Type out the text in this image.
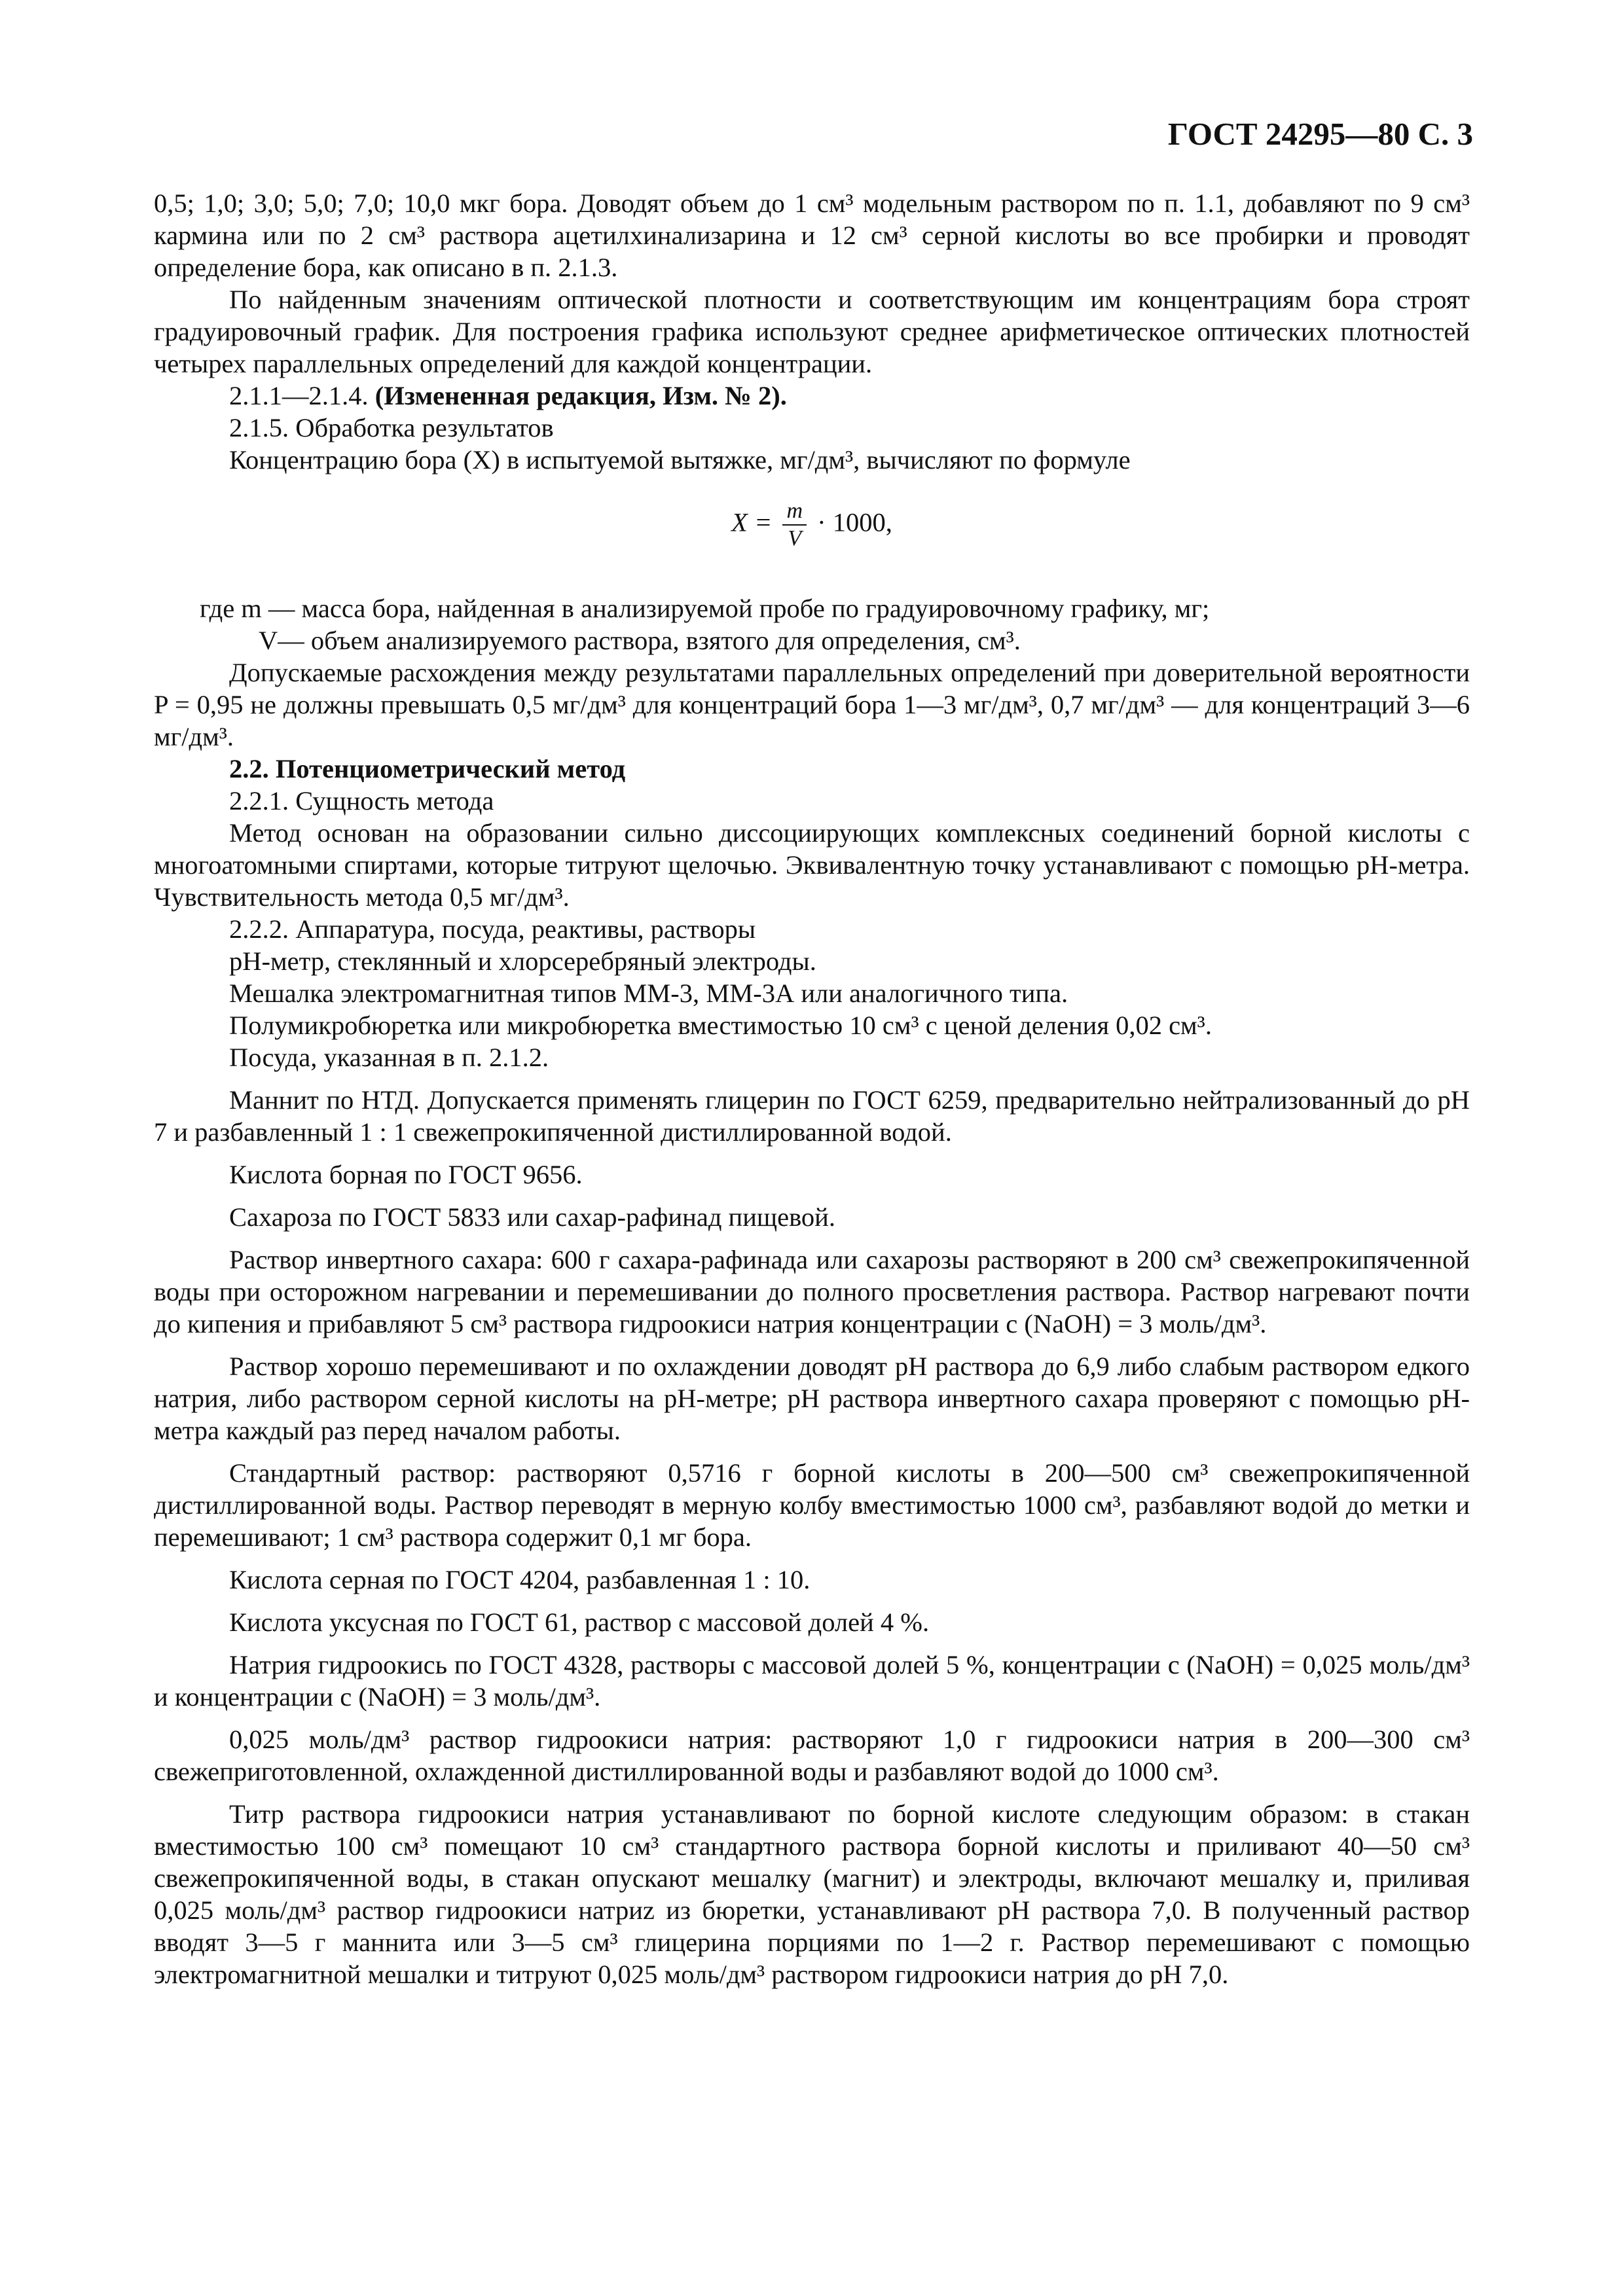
ГОСТ 24295—80 С. 3

0,5; 1,0; 3,0; 5,0; 7,0; 10,0 мкг бора. Доводят объем до 1 см³ модельным раствором по п. 1.1, добавляют по 9 см³ кармина или по 2 см³ раствора ацетилхинализарина и 12 см³ серной кислоты во все пробирки и проводят определение бора, как описано в п. 2.1.3.

По найденным значениям оптической плотности и соответствующим им концентрациям бора строят градуировочный график. Для построения графика используют среднее арифметическое оптических плотностей четырех параллельных определений для каждой концентрации.

2.1.1—2.1.4. (Измененная редакция, Изм. № 2).

2.1.5. Обработка результатов

Концентрацию бора (X) в испытуемой вытяжке, мг/дм³, вычисляют по формуле

$X = \frac{m}{V} \cdot 1000$,

где m — масса бора, найденная в анализируемой пробе по градуировочному графику, мг;

V— объем анализируемого раствора, взятого для определения, см³.

Допускаемые расхождения между результатами параллельных определений при доверительной вероятности P = 0,95 не должны превышать 0,5 мг/дм³ для концентраций бора 1—3 мг/дм³, 0,7 мг/дм³ — для концентраций 3—6 мг/дм³.

2.2. Потенциометрический метод

2.2.1. Сущность метода

Метод основан на образовании сильно диссоциирующих комплексных соединений борной кислоты с многоатомными спиртами, которые титруют щелочью. Эквивалентную точку устанавливают с помощью pH-метра. Чувствительность метода 0,5 мг/дм³.

2.2.2. Аппаратура, посуда, реактивы, растворы

pH-метр, стеклянный и хлорсеребряный электроды.

Мешалка электромагнитная типов ММ-3, ММ-3А или аналогичного типа.

Полумикробюретка или микробюретка вместимостью 10 см³ с ценой деления 0,02 см³.

Посуда, указанная в п. 2.1.2.

Маннит по НТД. Допускается применять глицерин по ГОСТ 6259, предварительно нейтрализованный до pH 7 и разбавленный 1 : 1 свежепрокипяченной дистиллированной водой.

Кислота борная по ГОСТ 9656.

Сахароза по ГОСТ 5833 или сахар-рафинад пищевой.

Раствор инвертного сахара: 600 г сахара-рафинада или сахарозы растворяют в 200 см³ свежепрокипяченной воды при осторожном нагревании и перемешивании до полного просветления раствора. Раствор нагревают почти до кипения и прибавляют 5 см³ раствора гидроокиси натрия концентрации c (NaOH) = 3 моль/дм³.

Раствор хорошо перемешивают и по охлаждении доводят pH раствора до 6,9 либо слабым раствором едкого натрия, либо раствором серной кислоты на pH-метре; pH раствора инвертного сахара проверяют с помощью pH-метра каждый раз перед началом работы.

Стандартный раствор: растворяют 0,5716 г борной кислоты в 200—500 см³ свежепрокипяченной дистиллированной воды. Раствор переводят в мерную колбу вместимостью 1000 см³, разбавляют водой до метки и перемешивают; 1 см³ раствора содержит 0,1 мг бора.

Кислота серная по ГОСТ 4204, разбавленная 1 : 10.

Кислота уксусная по ГОСТ 61, раствор с массовой долей 4 %.

Натрия гидроокись по ГОСТ 4328, растворы с массовой долей 5 %, концентрации c (NaOH) = 0,025 моль/дм³ и концентрации c (NaOH) = 3 моль/дм³.

0,025 моль/дм³ раствор гидроокиси натрия: растворяют 1,0 г гидроокиси натрия в 200—300 см³ свежеприготовленной, охлажденной дистиллированной воды и разбавляют водой до 1000 см³.

Титр раствора гидроокиси натрия устанавливают по борной кислоте следующим образом: в стакан вместимостью 100 см³ помещают 10 см³ стандартного раствора борной кислоты и приливают 40—50 см³ свежепрокипяченной воды, в стакан опускают мешалку (магнит) и электроды, включают мешалку и, приливая 0,025 моль/дм³ раствор гидроокиси натриz из бюретки, устанавливают pH раствора 7,0. В полученный раствор вводят 3—5 г маннита или 3—5 см³ глицерина порциями по 1—2 г. Раствор перемешивают с помощью электромагнитной мешалки и титруют 0,025 моль/дм³ раствором гидроокиси натрия до pH 7,0.
